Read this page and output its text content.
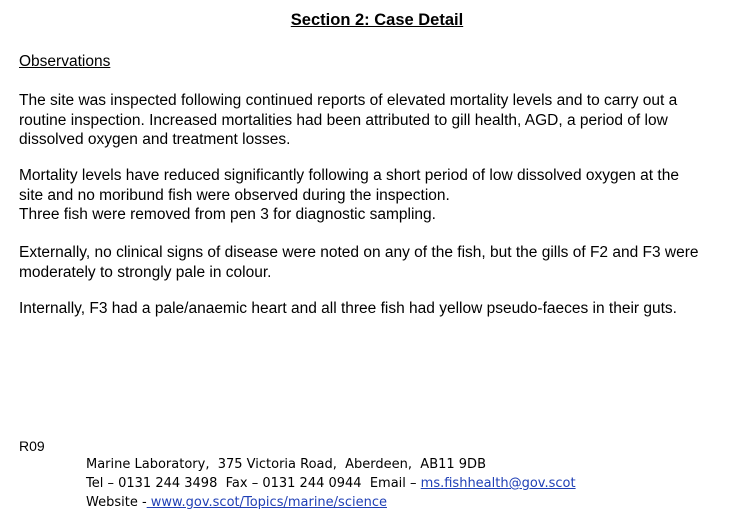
Section 2: Case Detail
Observations
The site was inspected following continued reports of elevated mortality levels and to carry out a
routine inspection. Increased mortalities had been attributed to gill health, AGD, a period of low
dissolved oxygen and treatment losses.
Mortality levels have reduced significantly following a short period of low dissolved oxygen at the
site and no moribund fish were observed during the inspection.
Three fish were removed from pen 3 for diagnostic sampling.
Externally, no clinical signs of disease were noted on any of the fish, but the gills of F2 and F3 were
moderately to strongly pale in colour.
Internally, F3 had a pale/anaemic heart and all three fish had yellow pseudo-faeces in their guts.
R09
Marine Laboratory,  375 Victoria Road,  Aberdeen,  AB11 9DB
Tel – 0131 244 3498  Fax – 0131 244 0944  Email – ms.fishhealth@gov.scot
Website - www.gov.scot/Topics/marine/science
